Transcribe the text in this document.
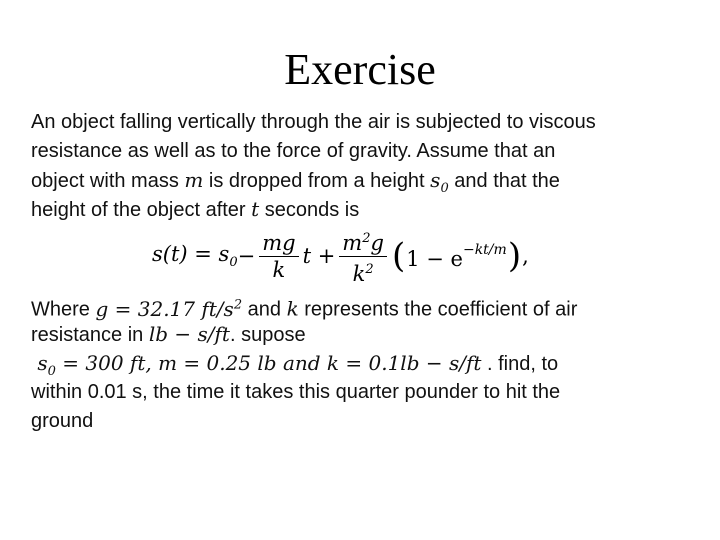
Exercise
An object falling vertically through the air is subjected to viscous
resistance as well as to the force of gravity. Assume that an
object with mass m is dropped from a height $s_0$ and that the
height of the object after t seconds is
Where g = 32.17 $ft/s^2$ and k represents the coefficient of air
resistance in lb − s/ft. supose
$s_0 = 300$ ft, m = 0.25 lb and k = 0.1lb − s/ft . find, to
within 0.01 s, the time it takes this quarter pounder to hit the
ground
$s(t) = s_0 - \frac{mg}{k}$ $t + \frac{m^2g}{k^2}$ ( $1 - e^{-kt/m}$ ) ,
